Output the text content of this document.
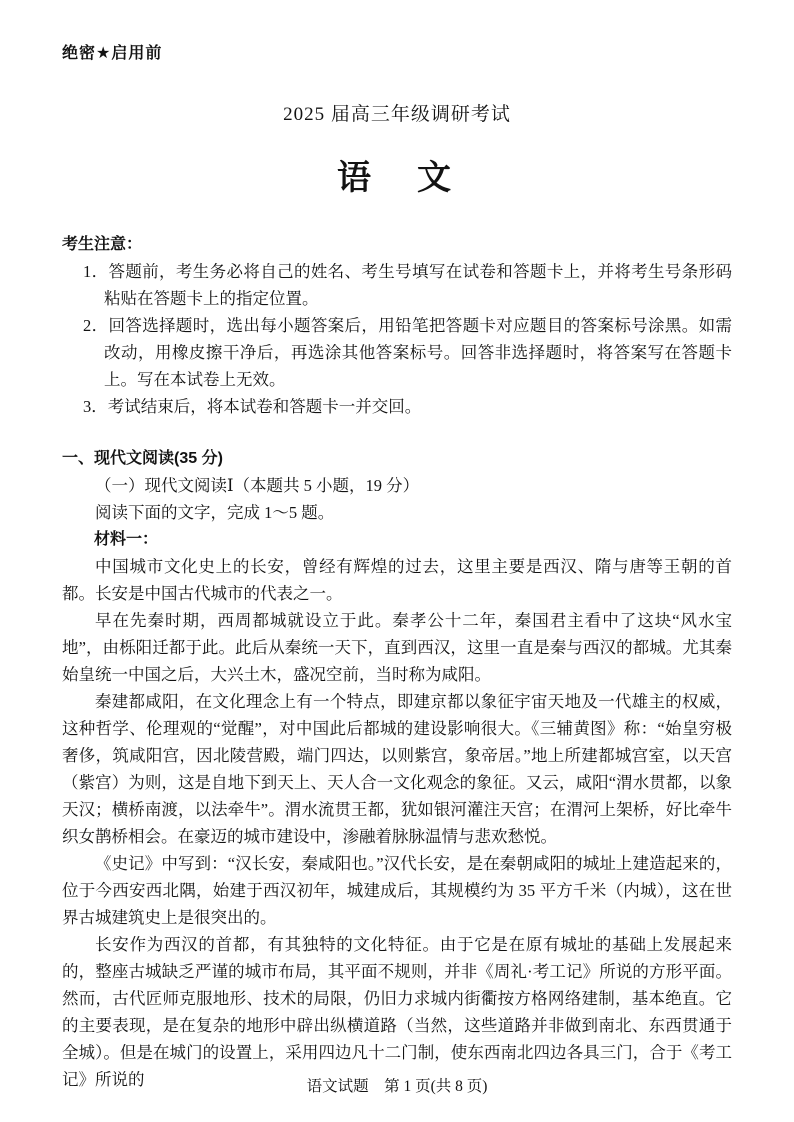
绝密★启用前
2025 届高三年级调研考试
语　文
考生注意：

1．答题前，考生务必将自己的姓名、考生号填写在试卷和答题卡上，并将考生号条形码粘贴在答题卡上的指定位置。

2．回答选择题时，选出每小题答案后，用铅笔把答题卡对应题目的答案标号涂黑。如需改动，用橡皮擦干净后，再选涂其他答案标号。回答非选择题时，将答案写在答题卡上。写在本试卷上无效。

3．考试结束后，将本试卷和答题卡一并交回。

一、现代文阅读(35 分)

（一）现代文阅读Ⅰ（本题共 5 小题，19 分）

阅读下面的文字，完成 1～5 题。

材料一：

中国城市文化史上的长安，曾经有辉煌的过去，这里主要是西汉、隋与唐等王朝的首都。长安是中国古代城市的代表之一。

早在先秦时期，西周都城就设立于此。秦孝公十二年，秦国君主看中了这块“风水宝地”，由栎阳迁都于此。此后从秦统一天下，直到西汉，这里一直是秦与西汉的都城。尤其秦始皇统一中国之后，大兴土木，盛况空前，当时称为咸阳。

秦建都咸阳，在文化理念上有一个特点，即建京都以象征宇宙天地及一代雄主的权威，这种哲学、伦理观的“觉醒”，对中国此后都城的建设影响很大。《三辅黄图》称：“始皇穷极奢侈，筑咸阳宫，因北陵营殿，端门四达，以则紫宫，象帝居。”地上所建都城宫室，以天宫（紫宫）为则，这是自地下到天上、天人合一文化观念的象征。又云，咸阳“渭水贯都，以象天汉；横桥南渡，以法牵牛”。渭水流贯王都，犹如银河灌注天宫；在渭河上架桥，好比牵牛织女鹊桥相会。在豪迈的城市建设中，渗融着脉脉温情与悲欢愁悦。

《史记》中写到：“汉长安，秦咸阳也。”汉代长安，是在秦朝咸阳的城址上建造起来的，位于今西安西北隅，始建于西汉初年，城建成后，其规模约为 35 平方千米（内城），这在世界古城建筑史上是很突出的。

长安作为西汉的首都，有其独特的文化特征。由于它是在原有城址的基础上发展起来的，整座古城缺乏严谨的城市布局，其平面不规则，并非《周礼·考工记》所说的方形平面。然而，古代匠师克服地形、技术的局限，仍旧力求城内街衢按方格网络建制，基本绝直。它的主要表现，是在复杂的地形中辟出纵横道路（当然，这些道路并非做到南北、东西贯通于全城）。但是在城门的设置上，采用四边凡十二门制，使东西南北四边各具三门，合于《考工记》所说的	语文试题　第 1 页(共 8 页)
